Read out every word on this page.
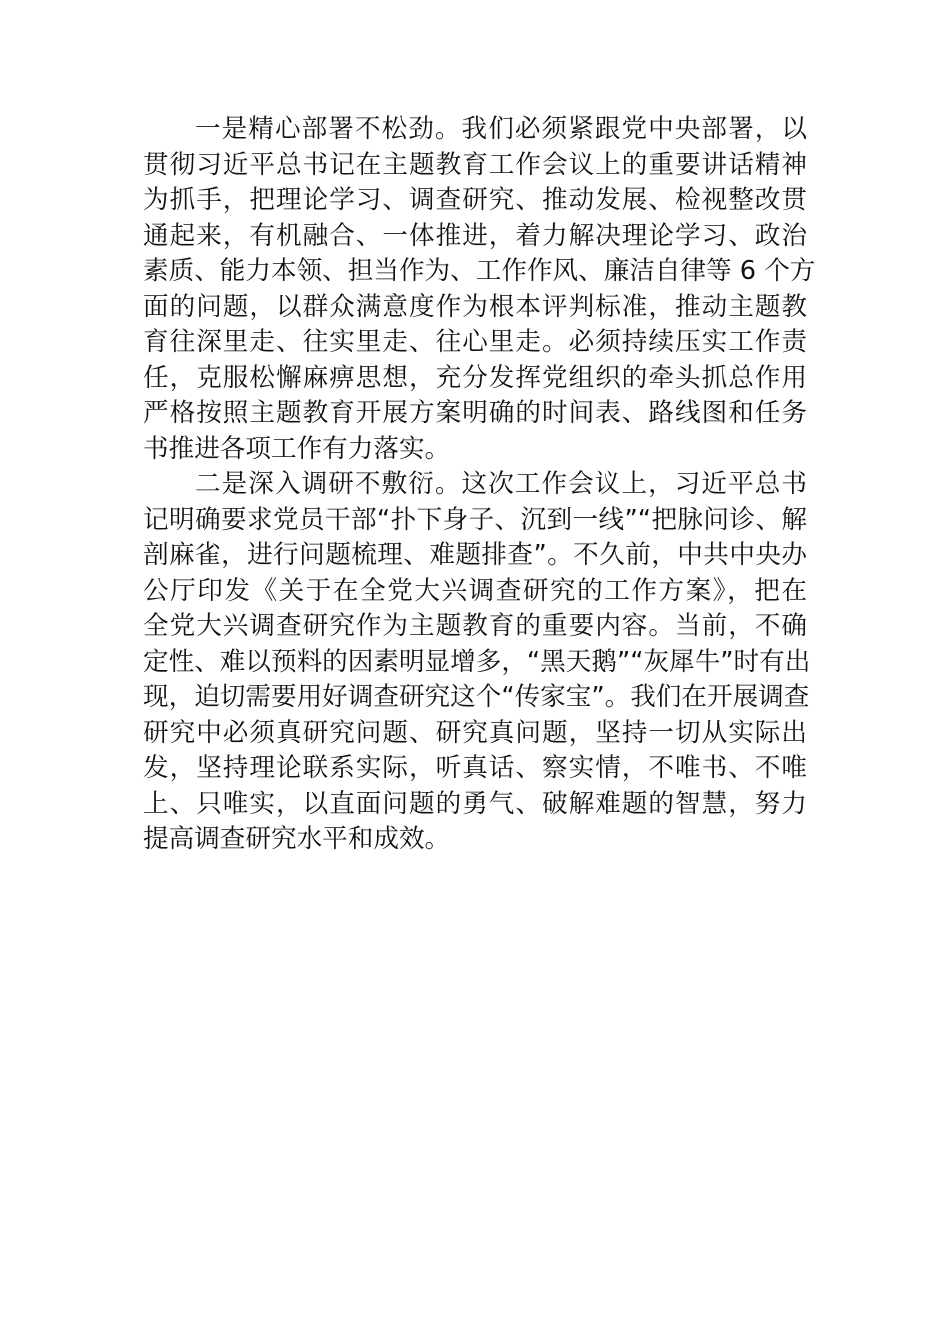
一是精心部署不松劲。我们必须紧跟党中央部署，以
贯彻习近平总书记在主题教育工作会议上的重要讲话精神
为抓手，把理论学习、调查研究、推动发展、检视整改贯
通起来，有机融合、一体推进，着力解决理论学习、政治
素质、能力本领、担当作为、工作作风、廉洁自律等 6 个方
面的问题，以群众满意度作为根本评判标准，推动主题教
育往深里走、往实里走、往心里走。必须持续压实工作责
任，克服松懈麻痹思想，充分发挥党组织的牵头抓总作用
严格按照主题教育开展方案明确的时间表、路线图和任务
书推进各项工作有力落实。
二是深入调研不敷衍。这次工作会议上，习近平总书
记明确要求党员干部“扑下身子、沉到一线”“把脉问诊、解
剖麻雀，进行问题梳理、难题排查”。不久前，中共中央办
公厅印发《关于在全党大兴调查研究的工作方案》，把在
全党大兴调查研究作为主题教育的重要内容。当前，不确
定性、难以预料的因素明显增多，“黑天鹅”“灰犀牛”时有出
现，迫切需要用好调查研究这个“传家宝”。我们在开展调查
研究中必须真研究问题、研究真问题，坚持一切从实际出
发，坚持理论联系实际，听真话、察实情，不唯书、不唯
上、只唯实，以直面问题的勇气、破解难题的智慧，努力
提高调查研究水平和成效。
